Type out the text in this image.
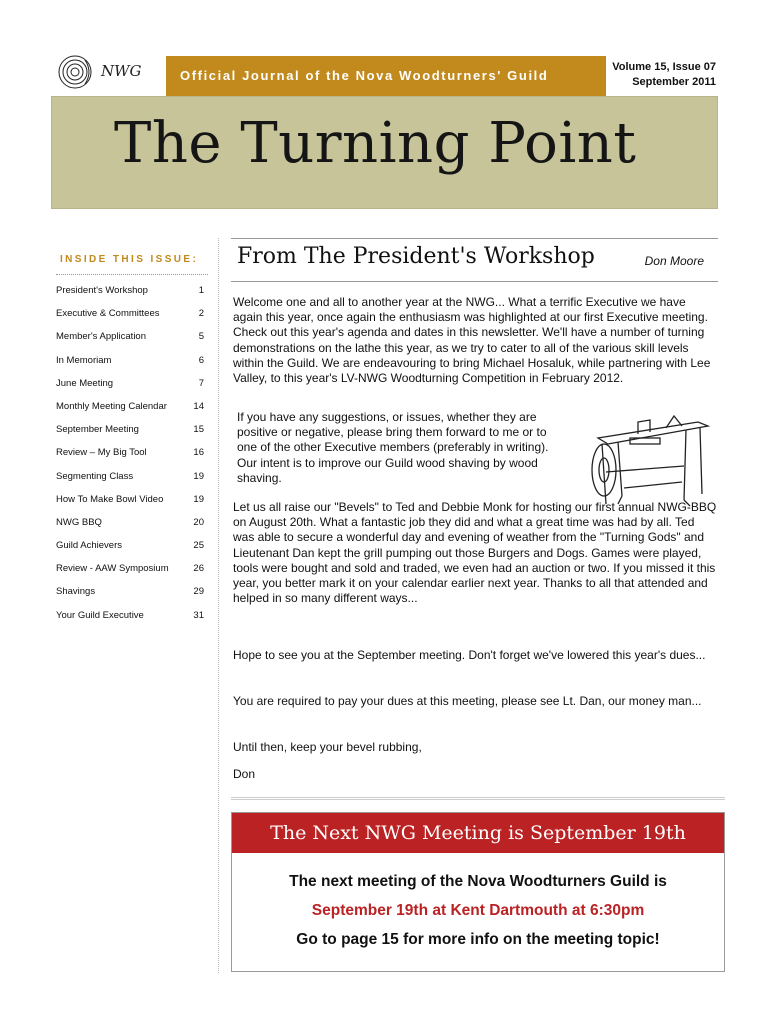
NWG	Official Journal of the Nova Woodturners' Guild
Volume 15, Issue 07
September 2011
The Turning Point
INSIDE THIS ISSUE:
President's Workshop	1
Executive & Committees	2
Member's Application	5
In Memoriam	6
June Meeting	7
Monthly Meeting Calendar	14
September Meeting	15
Review – My Big Tool	16
Segmenting Class	19
How To Make Bowl Video	19
NWG BBQ	20
Guild Achievers	25
Review - AAW Symposium	26
Shavings	29
Your Guild Executive	31
From The President's Workshop	Don Moore

Welcome one and all to another year at the NWG... What a terrific Executive we have again this year, once again the enthusiasm was highlighted at our first Executive meeting. Check out this year's agenda and dates in this newsletter. We'll have a number of turning demonstrations on the lathe this year, as we try to cater to all of the various skill levels within the Guild. We are endeavouring to bring Michael Hosaluk, while partnering with Lee Valley, to this year's LV-NWG Woodturning Competition in February 2012.

If you have any suggestions, or issues, whether they are positive or negative, please bring them forward to me or to one of the other Executive members (preferably in writing). Our intent is to improve our Guild wood shaving by wood shaving.

Let us all raise our "Bevels" to Ted and Debbie Monk for hosting our first annual NWG-BBQ on August 20th. What a fantastic job they did and what a great time was had by all. Ted was able to secure a wonderful day and evening of weather from the "Turning Gods" and Lieutenant Dan kept the grill pumping out those Burgers and Dogs. Games were played, tools were bought and sold and traded, we even had an auction or two. If you missed it this year, you better mark it on your calendar earlier next year. Thanks to all that attended and helped in so many different ways...

Hope to see you at the September meeting. Don't forget we've lowered this year's dues...

You are required to pay your dues at this meeting, please see Lt. Dan, our money man...

Until then, keep your bevel rubbing,

Don

The Next NWG Meeting is September 19th
The next meeting of the Nova Woodturners Guild is
September 19th at Kent Dartmouth at 6:30pm
Go to page 15 for more info on the meeting topic!
